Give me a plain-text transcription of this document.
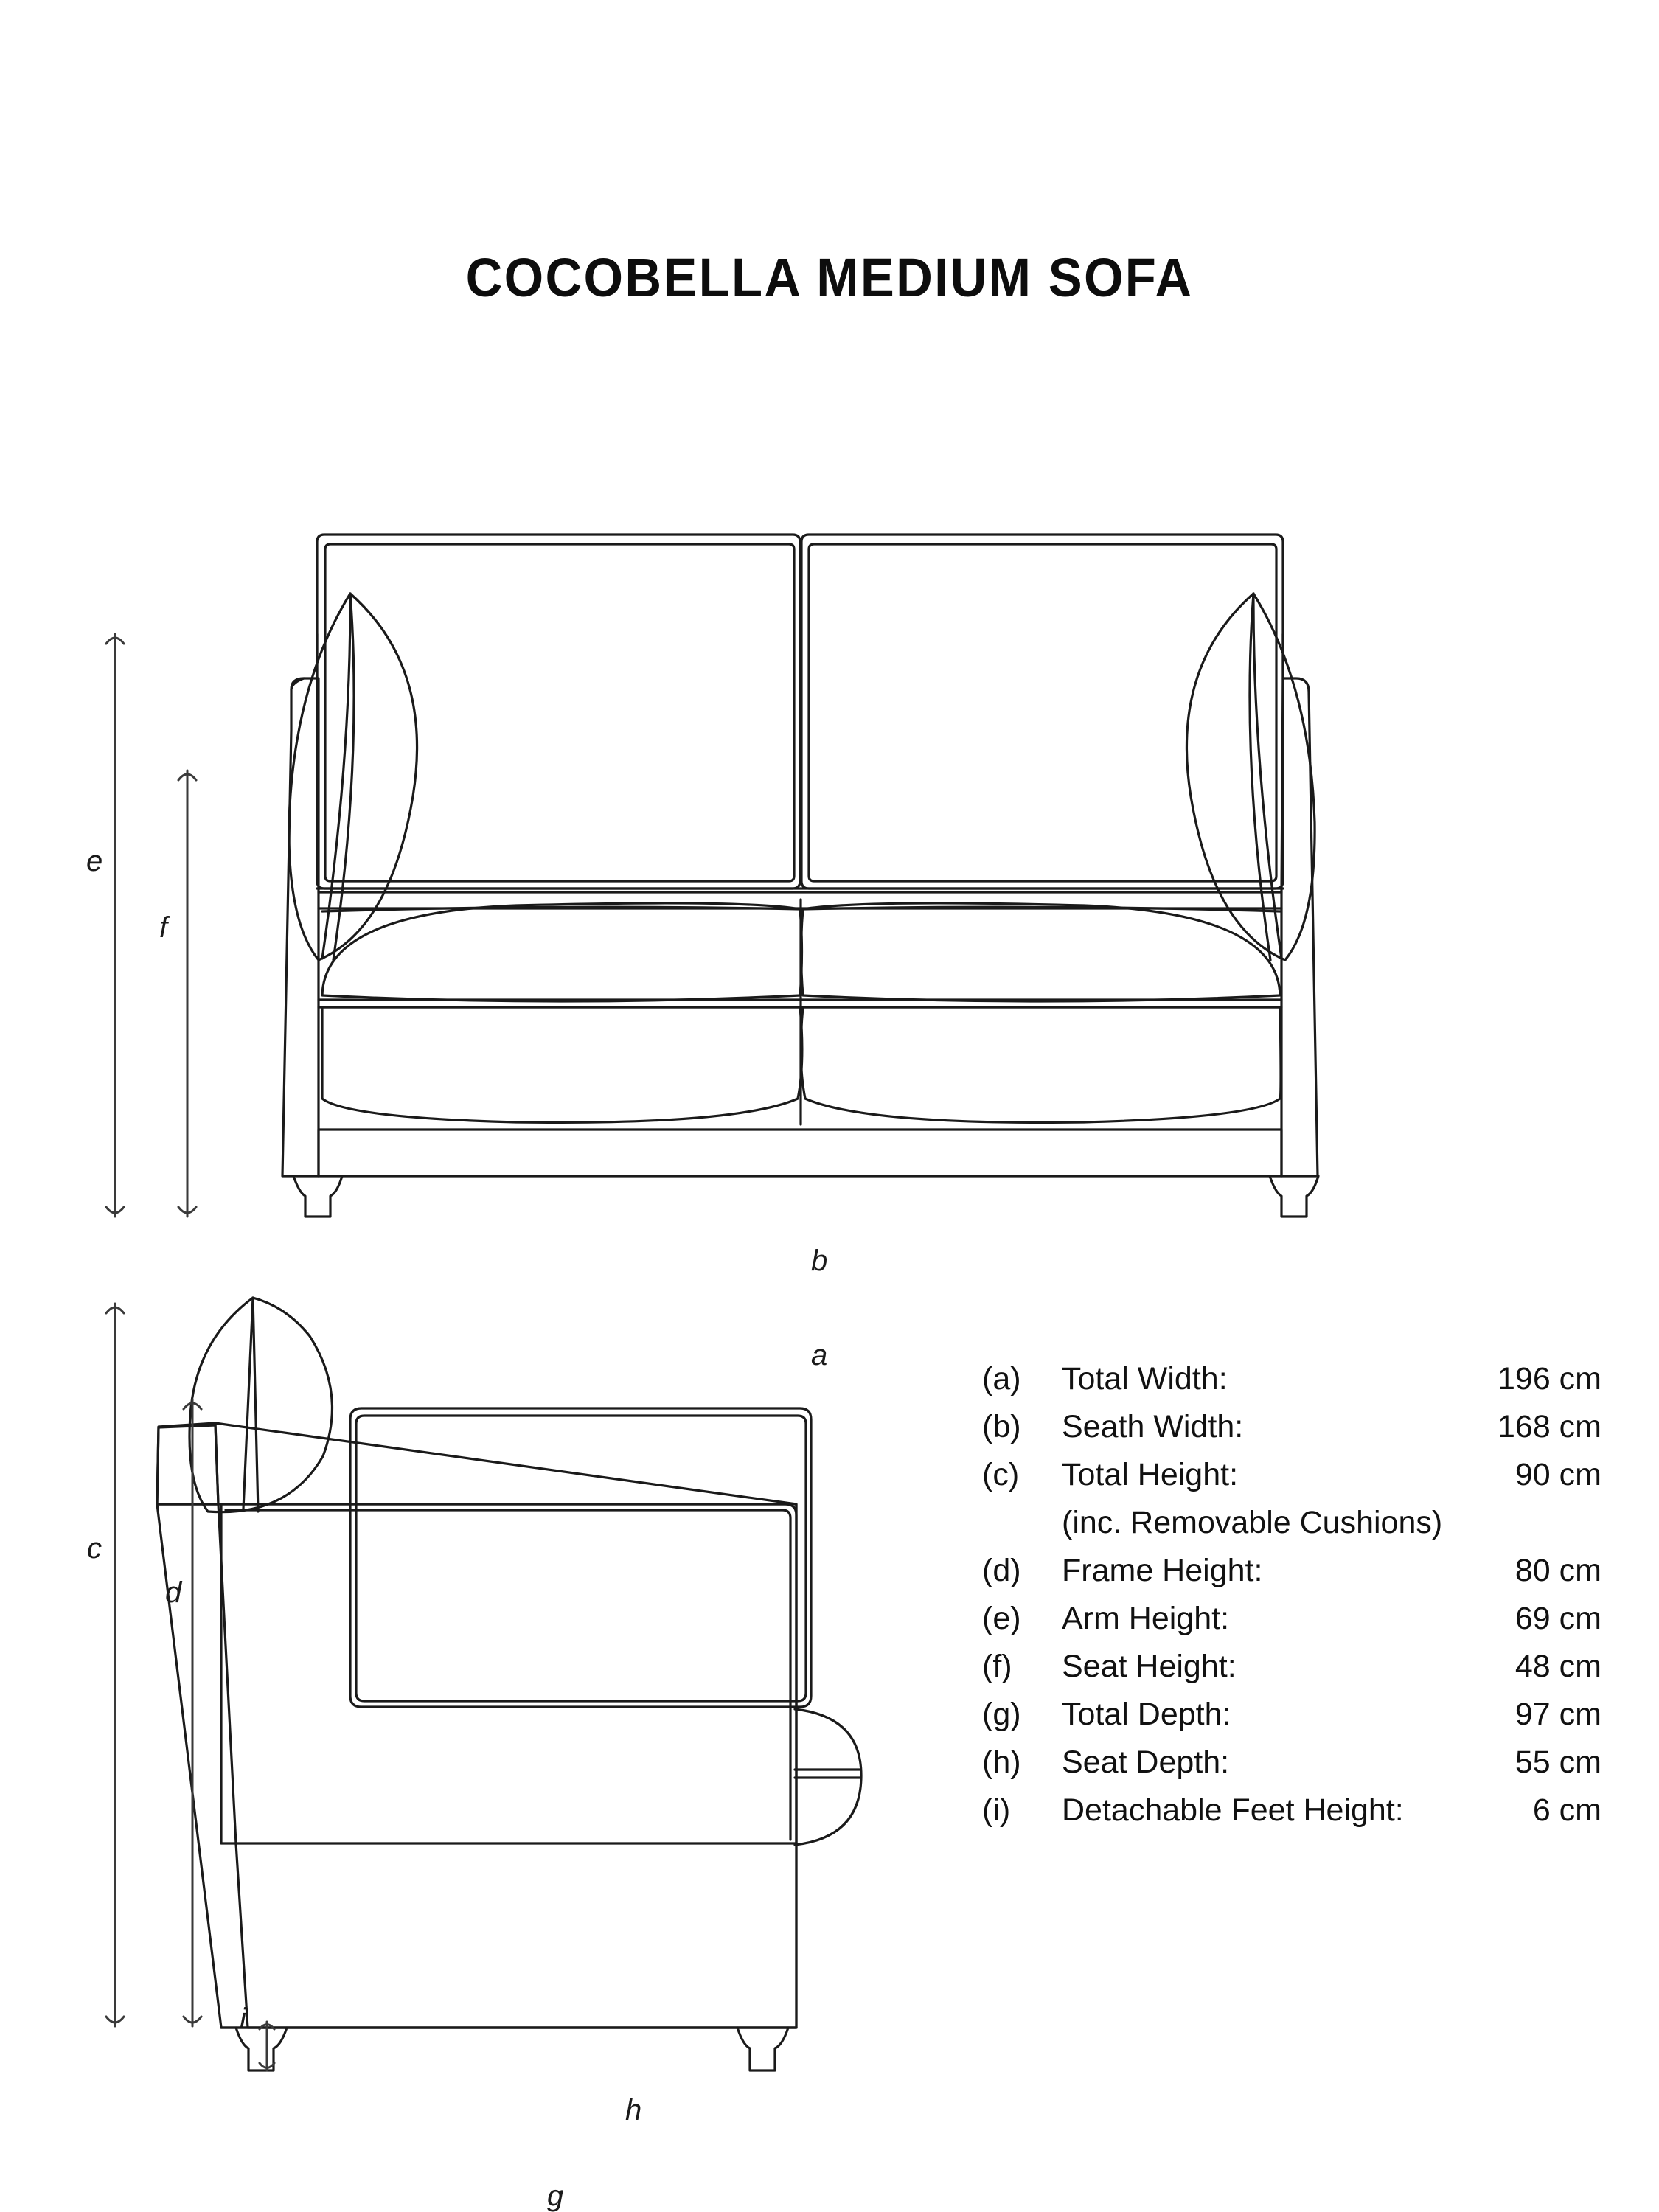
COCOBELLA MEDIUM SOFA
e
f
b
a
c
d
i
h
g
(a)	Total Width:	196 cm
(b)	Seath Width:	168 cm
(c)	Total Height:	90 cm
(inc. Removable Cushions)
(d)	Frame Height:	80 cm
(e)	Arm Height:	69 cm
(f)	Seat Height:	48 cm
(g)	Total Depth:	97 cm
(h)	Seat Depth:	55 cm
(i)	Detachable Feet Height:	6 cm
